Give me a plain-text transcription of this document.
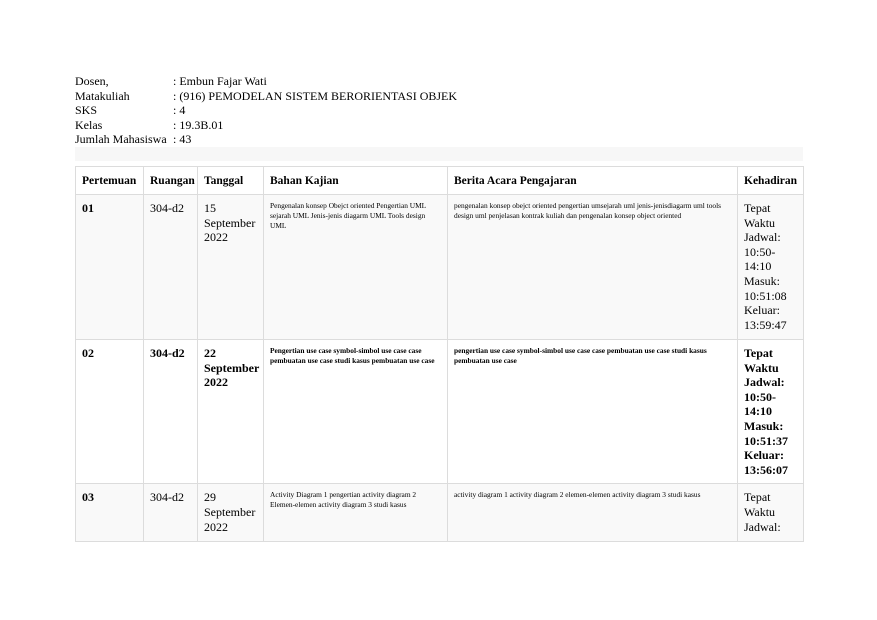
Dosen,	: Embun Fajar Wati
Matakuliah	: (916) PEMODELAN SISTEM BERORIENTASI OBJEK
SKS	: 4
Kelas	: 19.3B.01
Jumlah Mahasiswa : 43
Pertemuan	Ruangan	Tanggal	Bahan Kajian	Berita Acara Pengajaran	Kehadiran
01	304-d2	15 September 2022	Pengenalan konsep Obejct oriented Pengertian UML sejarah UML Jenis-jenis diagarm UML Tools design UML	pengenalan konsep obejct oriented pengertian umsejarah uml jenis-jenisdiagarm uml tools design uml penjelasan kontrak kuliah dan pengenalan konsep object oriented	Tepat Waktu Jadwal: 10:50-14:10 Masuk: 10:51:08 Keluar: 13:59:47
02	304-d2	22 September 2022	Pengertian use case symbol-simbol use case case pembuatan use case studi kasus pembuatan use case	pengertian use case symbol-simbol use case case pembuatan use case studi kasus pembuatan use case	Tepat Waktu Jadwal: 10:50-14:10 Masuk: 10:51:37 Keluar: 13:56:07
03	304-d2	29 September 2022	Activity Diagram 1 pengertian activity diagram 2 Elemen-elemen activity diagram 3 studi kasus	activity diagram 1 activity diagram 2 elemen-elemen activity diagram 3 studi kasus	Tepat Waktu Jadwal:
